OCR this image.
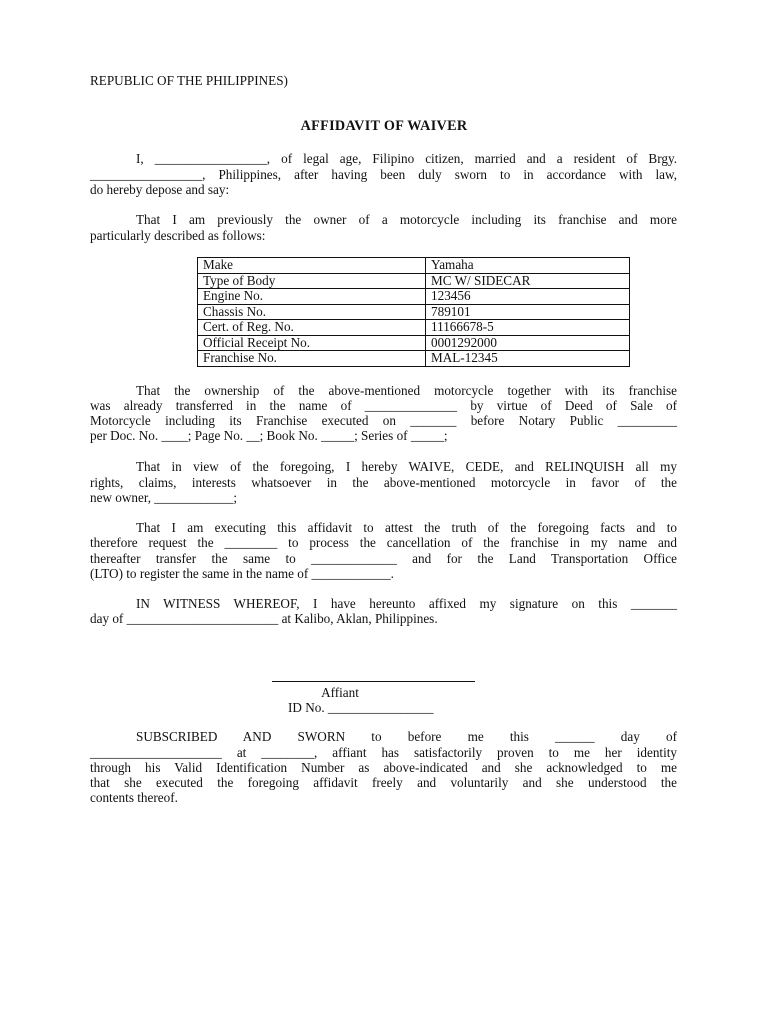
REPUBLIC OF THE PHILIPPINES)
AFFIDAVIT OF WAIVER
I, _________________, of legal age, Filipino citizen, married and a resident of Brgy.
_________________, Philippines, after having been duly sworn to in accordance with law,
do hereby depose and say:
That I am previously the owner of a motorcycle including its franchise and more
particularly described as follows:
Make	Yamaha
Type of Body	MC W/ SIDECAR
Engine No.	123456
Chassis No.	789101
Cert. of Reg. No.	11166678-5
Official Receipt No.	0001292000
Franchise No.	MAL-12345
That the ownership of the above-mentioned motorcycle together with its franchise
was already transferred in the name of ______________ by virtue of Deed of Sale of
Motorcycle including its Franchise executed on _______ before Notary Public _________
per Doc. No. ____; Page No. __; Book No. _____; Series of _____;
That in view of the foregoing, I hereby WAIVE, CEDE, and RELINQUISH all my
rights, claims, interests whatsoever in the above-mentioned motorcycle in favor of the
new owner, ____________;
That I am executing this affidavit to attest the truth of the foregoing facts and to
therefore request the ________ to process the cancellation of the franchise in my name and
thereafter transfer the same to _____________ and for the Land Transportation Office
(LTO) to register the same in the name of ____________.
IN WITNESS WHEREOF, I have hereunto affixed my signature on this _______
day of _______________________ at Kalibo, Aklan, Philippines.
Affiant
ID No. ________________
SUBSCRIBED AND SWORN to before me this ______ day of
____________________ at ________, affiant has satisfactorily proven to me her identity
through his Valid Identification Number as above-indicated and she acknowledged to me
that she executed the foregoing affidavit freely and voluntarily and she understood the
contents thereof.
